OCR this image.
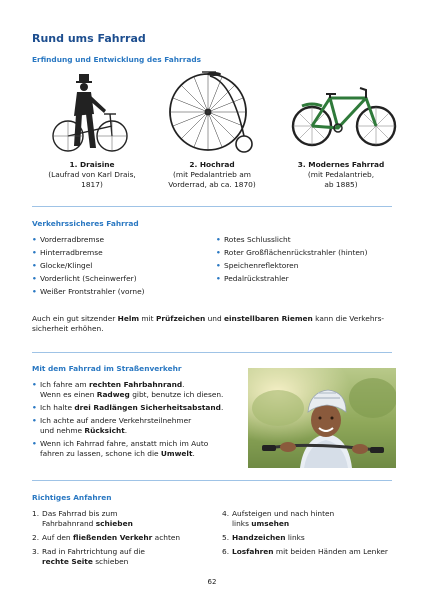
Rund ums Fahrrad
Erfindung und Entwicklung des Fahrrads
1. Draisine
(Laufrad von Karl Drais,
1817)
2. Hochrad
(mit Pedalantrieb am
Vorderrad, ab ca. 1870)
3. Modernes Fahrrad
(mit Pedalantrieb,
ab 1885)
Verkehrssicheres Fahrrad
• Vorderradbremse
• Hinterradbremse
• Glocke/Klingel
• Vorderlicht (Scheinwerfer)
• Weißer Frontstrahler (vorne)
• Rotes Schlusslicht
• Roter Großflächenrückstrahler (hinten)
• Speichenreflektoren
• Pedalrückstrahler
Auch ein gut sitzender Helm mit Prüfzeichen und einstellbaren Riemen kann die Verkehrs-
sicherheit erhöhen.
Mit dem Fahrrad im Straßenverkehr
• Ich fahre am rechten Fahrbahnrand.
Wenn es einen Radweg gibt, benutze ich diesen.
• Ich halte drei Radlängen Sicherheitsabstand.
• Ich achte auf andere Verkehrsteilnehmer
und nehme Rücksicht.
• Wenn ich Fahrrad fahre, anstatt mich im Auto
fahren zu lassen, schone ich die Umwelt.
Richtiges Anfahren
1. Das Fahrrad bis zum
Fahrbahnrand schieben
2. Auf den fließenden Verkehr achten
3. Rad in Fahrtrichtung auf die
rechte Seite schieben
4. Aufsteigen und nach hinten
links umsehen
5. Handzeichen links
6. Losfahren mit beiden Händen am Lenker
62
